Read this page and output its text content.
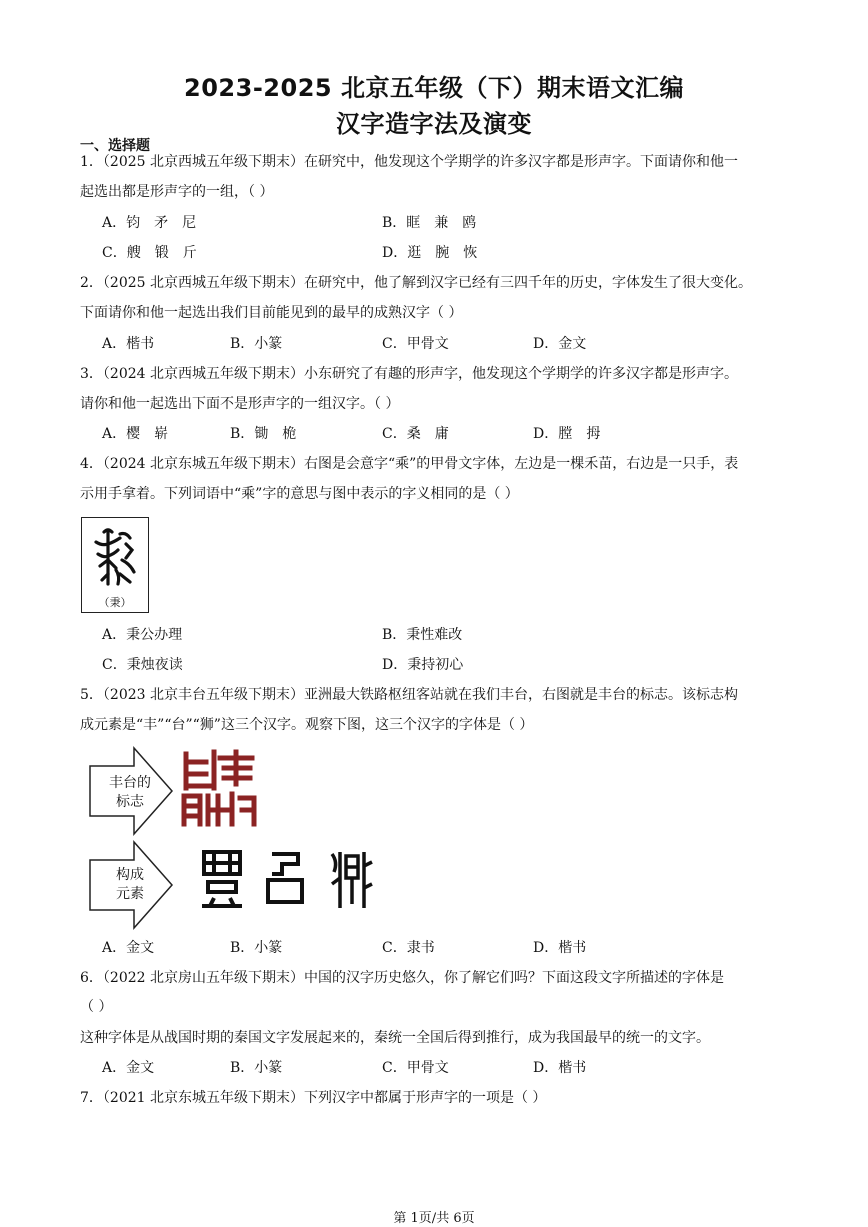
2023-2025 北京五年级（下）期末语文汇编
汉字造字法及演变
一、选择题
1．（2025 北京西城五年级下期末）在研究中，他发现这个学期学的许多汉字都是形声字。下面请你和他一
起选出都是形声字的一组，（ ）
A．钧　矛　尼	B．眶　兼　鸥
C．艘　锻　斤	D．逛　腕　恢
2．（2025 北京西城五年级下期末）在研究中，他了解到汉字已经有三四千年的历史，字体发生了很大变化。
下面请你和他一起选出我们目前能见到的最早的成熟汉字（ ）
A．楷书	B．小篆	C．甲骨文	D．金文
3．（2024 北京西城五年级下期末）小东研究了有趣的形声字，他发现这个学期学的许多汉字都是形声字。
请你和他一起选出下面不是形声字的一组汉字。（ ）
A．樱　崭	B．锄　桅	C．桑　庸	D．膛　拇
4．（2024 北京东城五年级下期末）右图是会意字“乘”的甲骨文字体，左边是一棵禾苗，右边是一只手，表
示用手拿着。下列词语中“乘”字的意思与图中表示的字义相同的是（ ）
（秉）
A．秉公办理	B．秉性难改
C．秉烛夜读	D．秉持初心
5．（2023 北京丰台五年级下期末）亚洲最大铁路枢纽客站就在我们丰台，右图就是丰台的标志。该标志构
成元素是“丰”“台”“狮”这三个汉字。观察下图，这三个汉字的字体是（ ）
丰台的
标志
构成
元素
A．金文	B．小篆	C．隶书	D．楷书
6．（2022 北京房山五年级下期末）中国的汉字历史悠久，你了解它们吗？下面这段文字所描述的字体是
（ ）
这种字体是从战国时期的秦国文字发展起来的，秦统一全国后得到推行，成为我国最早的统一的文字。
A．金文	B．小篆	C．甲骨文	D．楷书
7．（2021 北京东城五年级下期末）下列汉字中都属于形声字的一项是（ ）
第 1页/共 6页
